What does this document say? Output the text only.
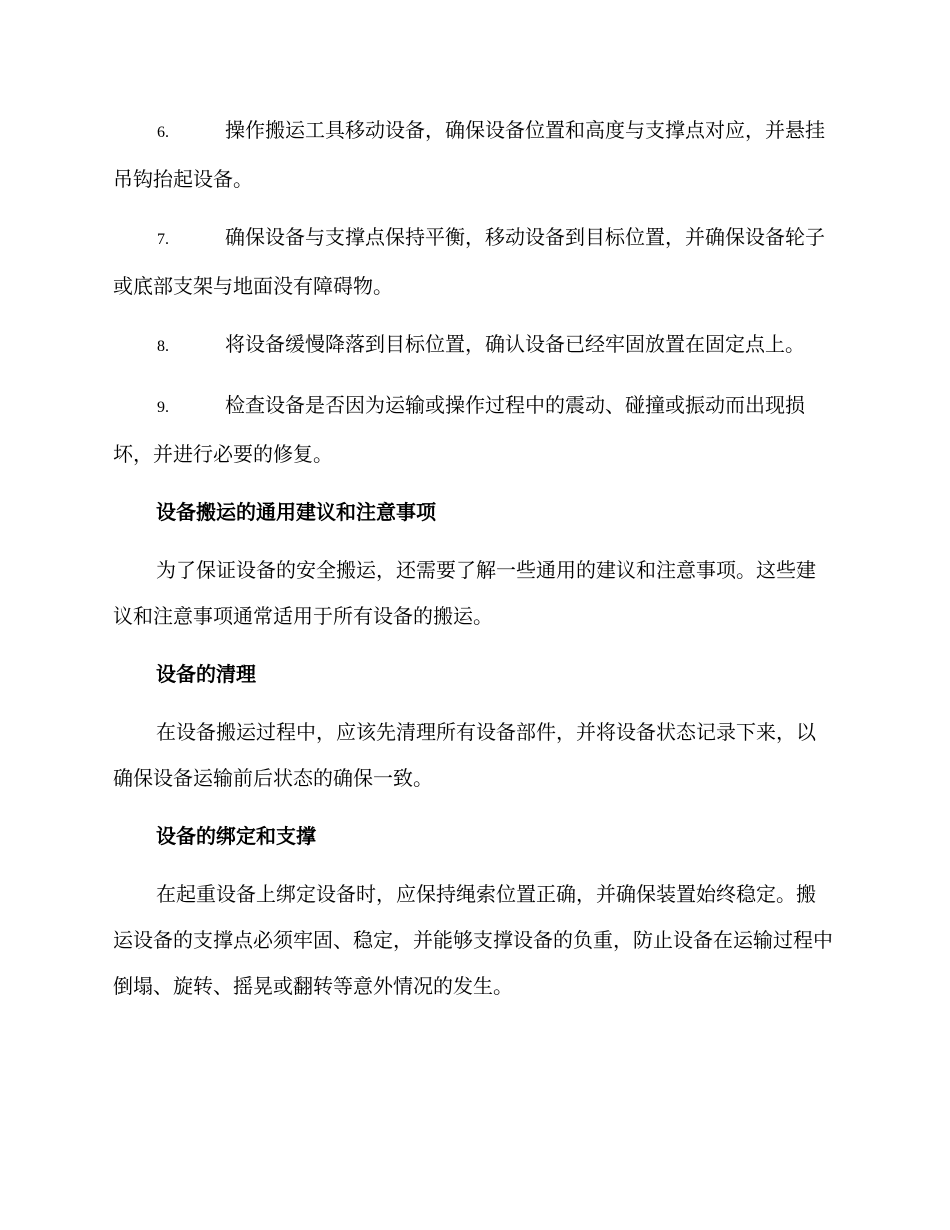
6.	操作搬运工具移动设备，确保设备位置和高度与支撑点对应，并悬挂吊钩抬起设备。

7.	确保设备与支撑点保持平衡，移动设备到目标位置，并确保设备轮子或底部支架与地面没有障碍物。

8.	将设备缓慢降落到目标位置，确认设备已经牢固放置在固定点上。

9.	检查设备是否因为运输或操作过程中的震动、碰撞或振动而出现损坏，并进行必要的修复。

设备搬运的通用建议和注意事项

为了保证设备的安全搬运，还需要了解一些通用的建议和注意事项。这些建议和注意事项通常适用于所有设备的搬运。

设备的清理

在设备搬运过程中，应该先清理所有设备部件，并将设备状态记录下来，以确保设备运输前后状态的确保一致。

设备的绑定和支撑

在起重设备上绑定设备时，应保持绳索位置正确，并确保装置始终稳定。搬运设备的支撑点必须牢固、稳定，并能够支撑设备的负重，防止设备在运输过程中倒塌、旋转、摇晃或翻转等意外情况的发生。
